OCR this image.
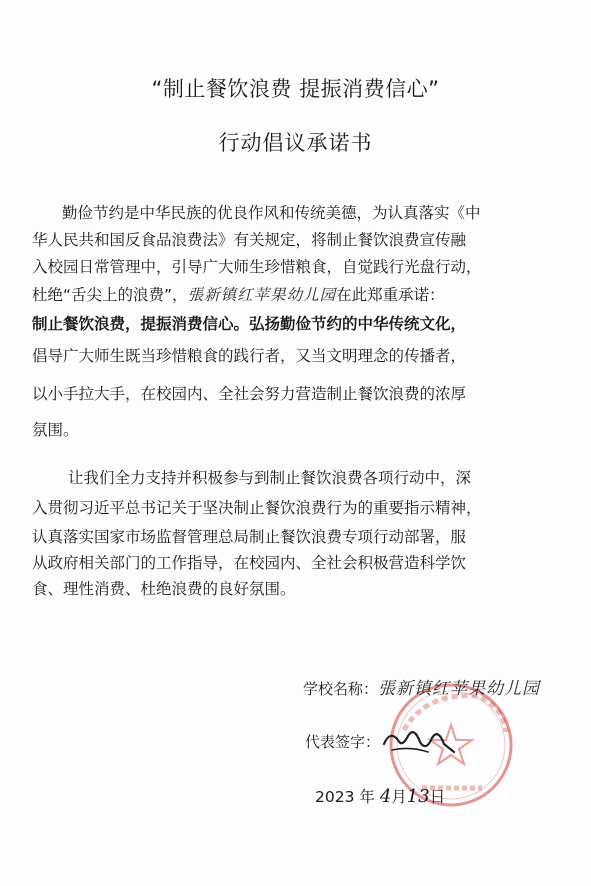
“制止餐饮浪费 提振消费信心”
行动倡议承诺书
勤俭节约是中华民族的优良作风和传统美德，为认真落实《中
华人民共和国反食品浪费法》有关规定，将制止餐饮浪费宣传融
入校园日常管理中，引导广大师生珍惜粮食，自觉践行光盘行动，
杜绝“舌尖上的浪费”，張新镇红苹果幼儿园在此郑重承诺：
制止餐饮浪费，提振消费信心。弘扬勤俭节约的中华传统文化，
倡导广大师生既当珍惜粮食的践行者，又当文明理念的传播者，
以小手拉大手，在校园内、全社会努力营造制止餐饮浪费的浓厚
氛围。
让我们全力支持并积极参与到制止餐饮浪费各项行动中，深
入贯彻习近平总书记关于坚决制止餐饮浪费行为的重要指示精神，
认真落实国家市场监督管理总局制止餐饮浪费专项行动部署，服
从政府相关部门的工作指导，在校园内、全社会积极营造科学饮
食、理性消费、杜绝浪费的良好氛围。
学校名称：張新镇红苹果幼儿园
代表签字：
2023 年 4月13日
